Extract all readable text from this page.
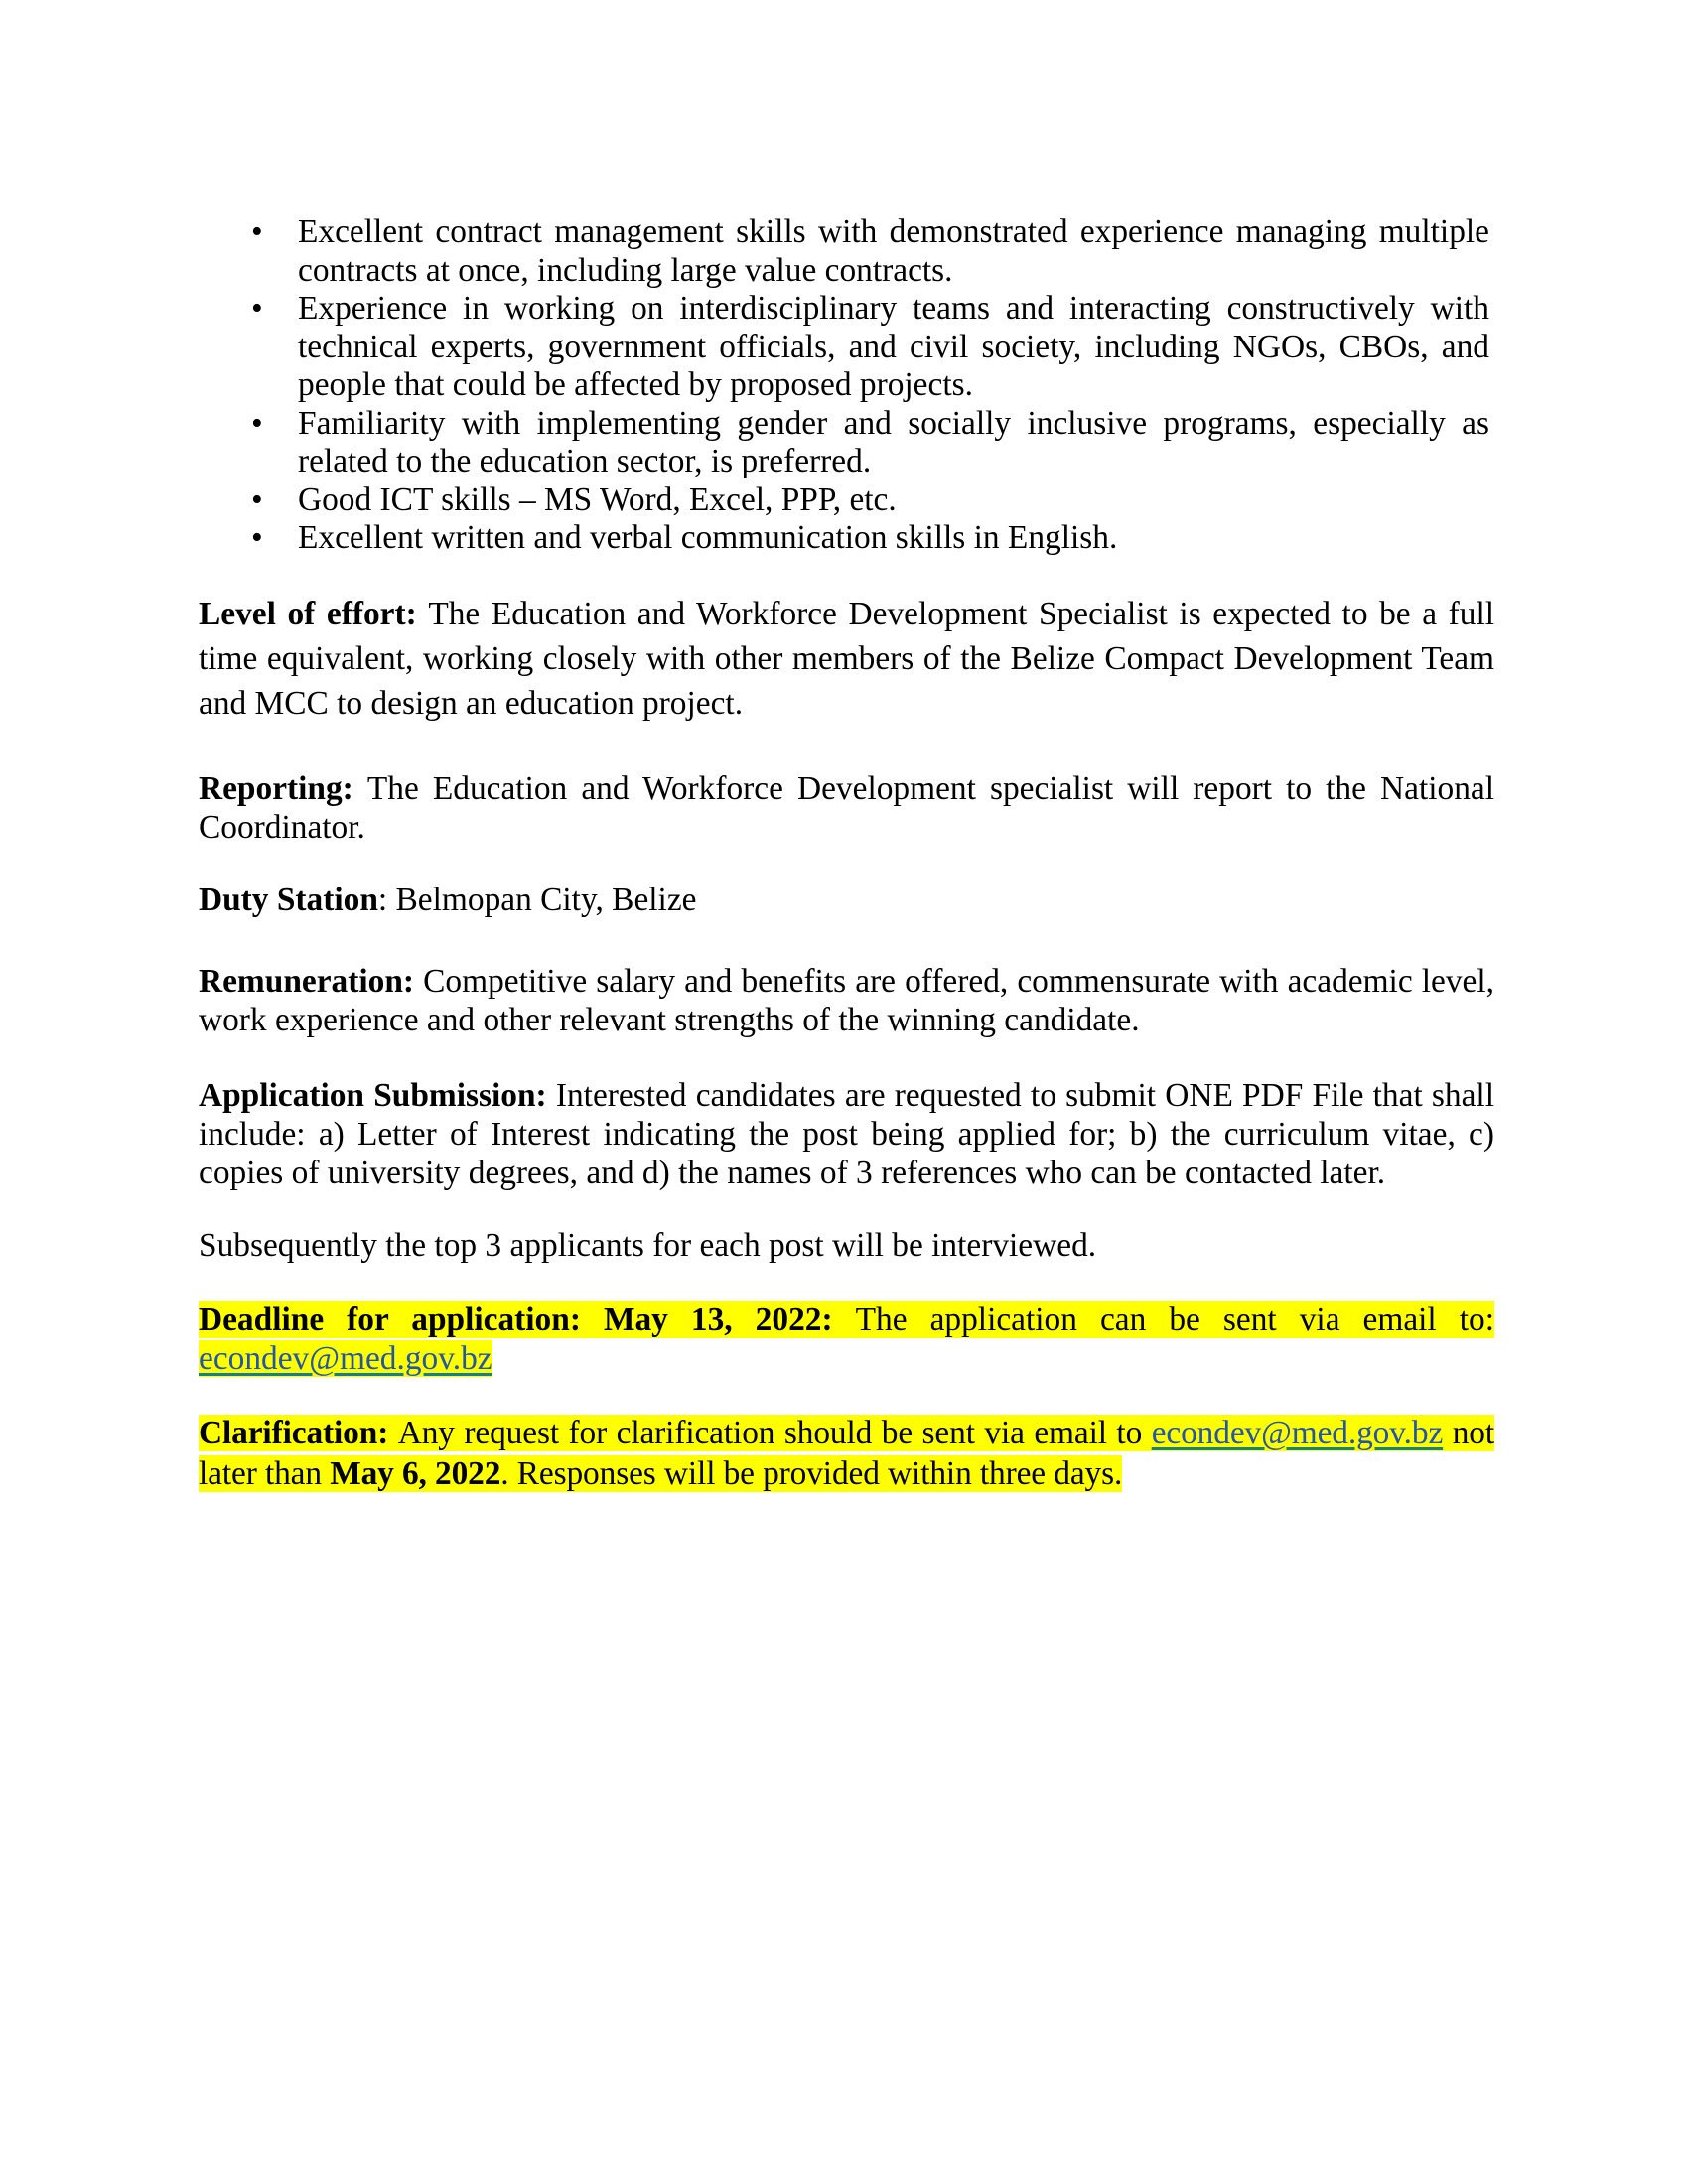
• Excellent contract management skills with demonstrated experience managing multiple contracts at once, including large value contracts.
• Experience in working on interdisciplinary teams and interacting constructively with technical experts, government officials, and civil society, including NGOs, CBOs, and people that could be affected by proposed projects.
• Familiarity with implementing gender and socially inclusive programs, especially as related to the education sector, is preferred.
• Good ICT skills – MS Word, Excel, PPP, etc.
• Excellent written and verbal communication skills in English.

Level of effort: The Education and Workforce Development Specialist is expected to be a full time equivalent, working closely with other members of the Belize Compact Development Team and MCC to design an education project.

Reporting: The Education and Workforce Development specialist will report to the National Coordinator.

Duty Station: Belmopan City, Belize

Remuneration: Competitive salary and benefits are offered, commensurate with academic level, work experience and other relevant strengths of the winning candidate.

Application Submission: Interested candidates are requested to submit ONE PDF File that shall include: a) Letter of Interest indicating the post being applied for; b) the curriculum vitae, c) copies of university degrees, and d) the names of 3 references who can be contacted later.

Subsequently the top 3 applicants for each post will be interviewed.

Deadline for application: May 13, 2022: The application can be sent via email to: econdev@med.gov.bz

Clarification: Any request for clarification should be sent via email to econdev@med.gov.bz not later than May 6, 2022. Responses will be provided within three days.
